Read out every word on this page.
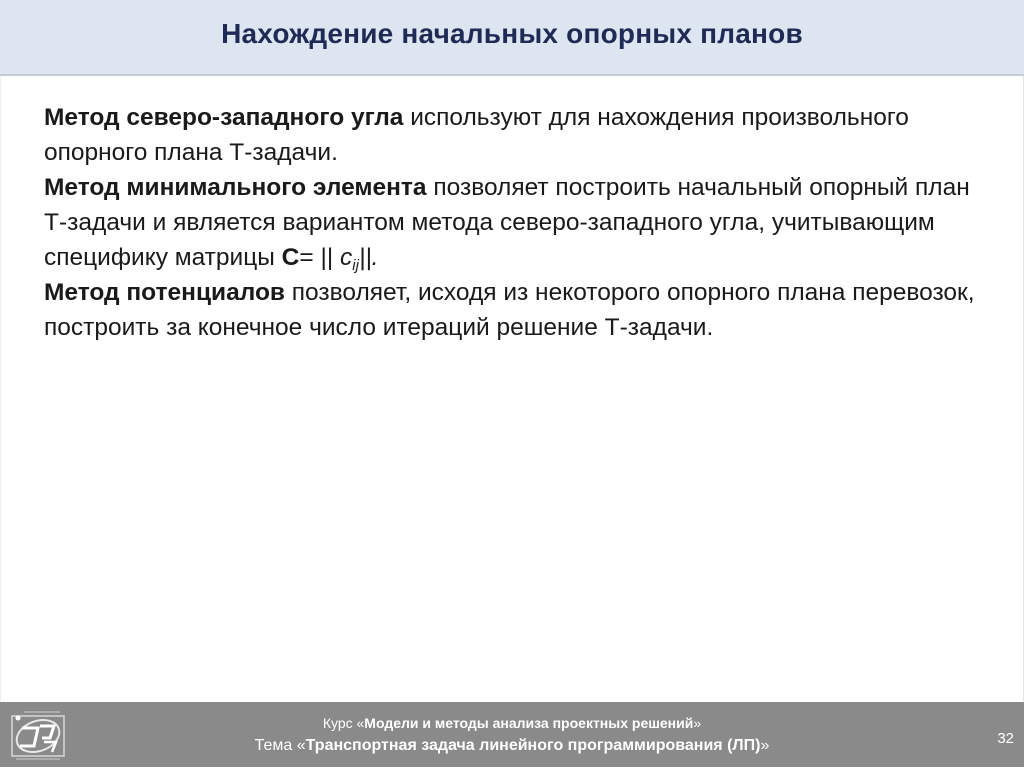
Нахождение начальных опорных планов

Метод северо-западного угла используют для нахождения произвольного опорного плана Т-задачи.

Метод минимального элемента позволяет построить начальный опорный план Т-задачи и является вариантом метода северо-западного угла, учитывающим специфику матрицы C= || $c_{ij}||$.

Метод потенциалов позволяет, исходя из некоторого опорного плана перевозок, построить за конечное число итераций решение Т-задачи.

Курс «Модели и методы анализа проектных решений»
Тема «Транспортная задача линейного программирования (ЛП)»	32
